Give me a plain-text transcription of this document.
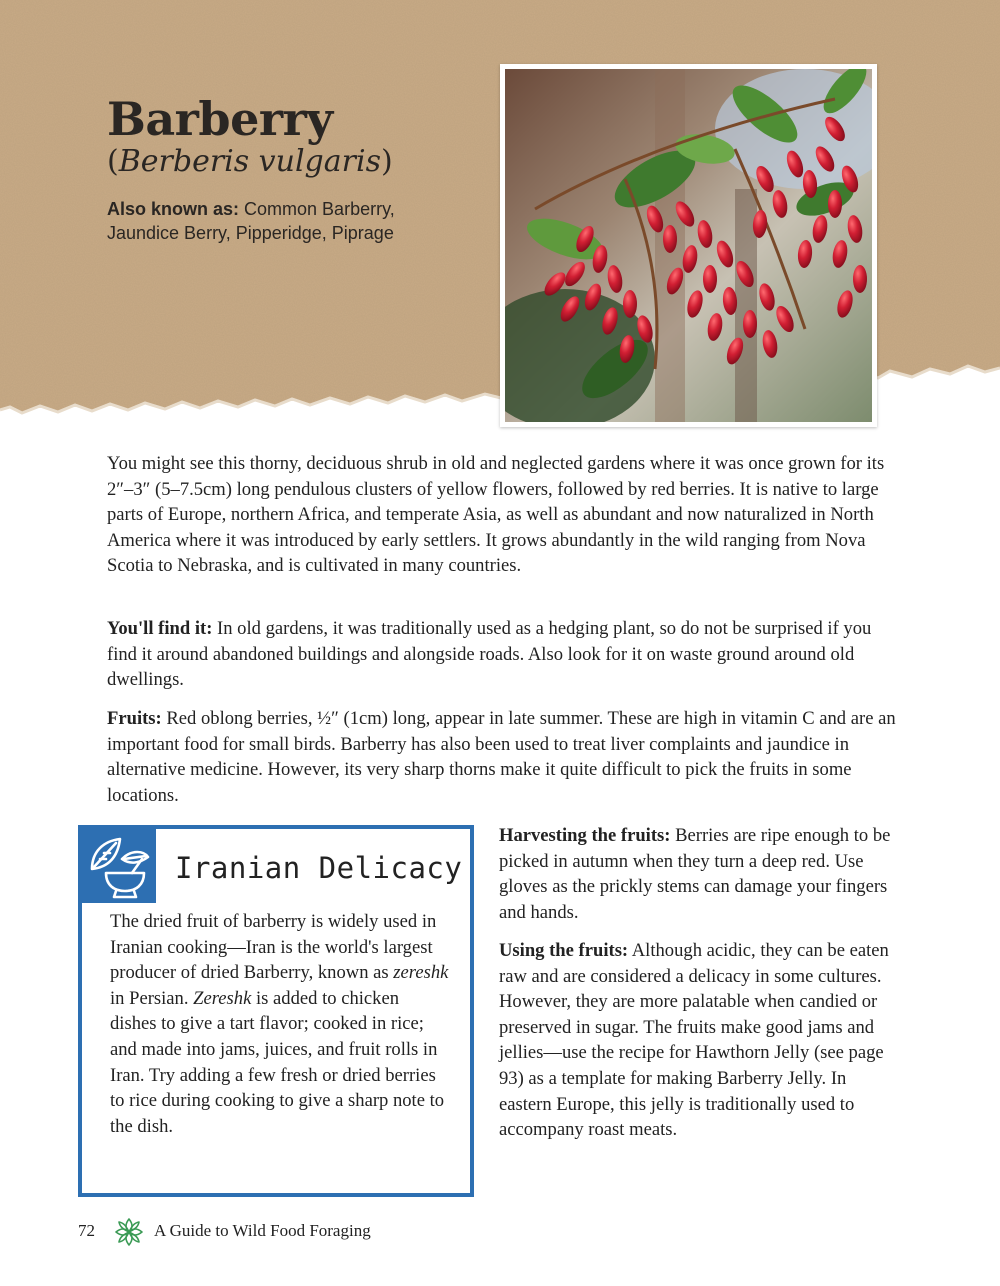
Barberry
(Berberis vulgaris)
Also known as: Common Barberry, Jaundice Berry, Pipperidge, Piprage

You might see this thorny, deciduous shrub in old and neglected gardens where it was once grown for its 2″–3″ (5–7.5cm) long pendulous clusters of yellow flowers, followed by red berries. It is native to large parts of Europe, northern Africa, and temperate Asia, as well as abundant and now naturalized in North America where it was introduced by early settlers. It grows abundantly in the wild ranging from Nova Scotia to Nebraska, and is cultivated in many countries.

You'll find it: In old gardens, it was traditionally used as a hedging plant, so do not be surprised if you find it around abandoned buildings and alongside roads. Also look for it on waste ground around old dwellings.

Fruits: Red oblong berries, ½″ (1cm) long, appear in late summer. These are high in vitamin C and are an important food for small birds. Barberry has also been used to treat liver complaints and jaundice in alternative medicine. However, its very sharp thorns make it quite difficult to pick the fruits in some locations.

Iranian Delicacy

The dried fruit of barberry is widely used in Iranian cooking—Iran is the world's largest producer of dried Barberry, known as zereshk in Persian. Zereshk is added to chicken dishes to give a tart flavor; cooked in rice; and made into jams, juices, and fruit rolls in Iran. Try adding a few fresh or dried berries to rice during cooking to give a sharp note to the dish.

Harvesting the fruits: Berries are ripe enough to be picked in autumn when they turn a deep red. Use gloves as the prickly stems can damage your fingers and hands.

Using the fruits: Although acidic, they can be eaten raw and are considered a delicacy in some cultures. However, they are more palatable when candied or preserved in sugar. The fruits make good jams and jellies—use the recipe for Hawthorn Jelly (see page 93) as a template for making Barberry Jelly. In eastern Europe, this jelly is traditionally used to accompany roast meats.

72	A Guide to Wild Food Foraging
